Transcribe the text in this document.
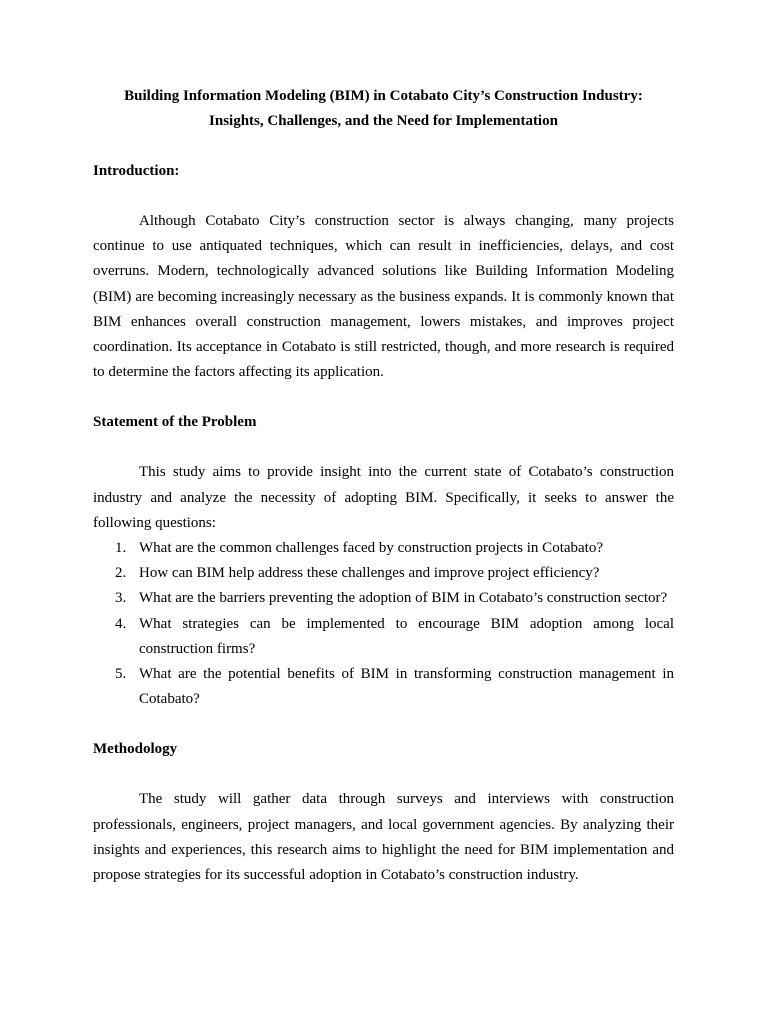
Building Information Modeling (BIM) in Cotabato City’s Construction Industry:
Insights, Challenges, and the Need for Implementation
Introduction:

Although Cotabato City’s construction sector is always changing, many projects continue to use antiquated techniques, which can result in inefficiencies, delays, and cost overruns. Modern, technologically advanced solutions like Building Information Modeling (BIM) are becoming increasingly necessary as the business expands. It is commonly known that BIM enhances overall construction management, lowers mistakes, and improves project coordination. Its acceptance in Cotabato is still restricted, though, and more research is required to determine the factors affecting its application.

Statement of the Problem

This study aims to provide insight into the current state of Cotabato’s construction industry and analyze the necessity of adopting BIM. Specifically, it seeks to answer the following questions:

1. What are the common challenges faced by construction projects in Cotabato?
2. How can BIM help address these challenges and improve project efficiency?
3. What are the barriers preventing the adoption of BIM in Cotabato’s construction sector?
4. What strategies can be implemented to encourage BIM adoption among local construction firms?
5. What are the potential benefits of BIM in transforming construction management in Cotabato?
Methodology

The study will gather data through surveys and interviews with construction professionals, engineers, project managers, and local government agencies. By analyzing their insights and experiences, this research aims to highlight the need for BIM implementation and propose strategies for its successful adoption in Cotabato’s construction industry.
